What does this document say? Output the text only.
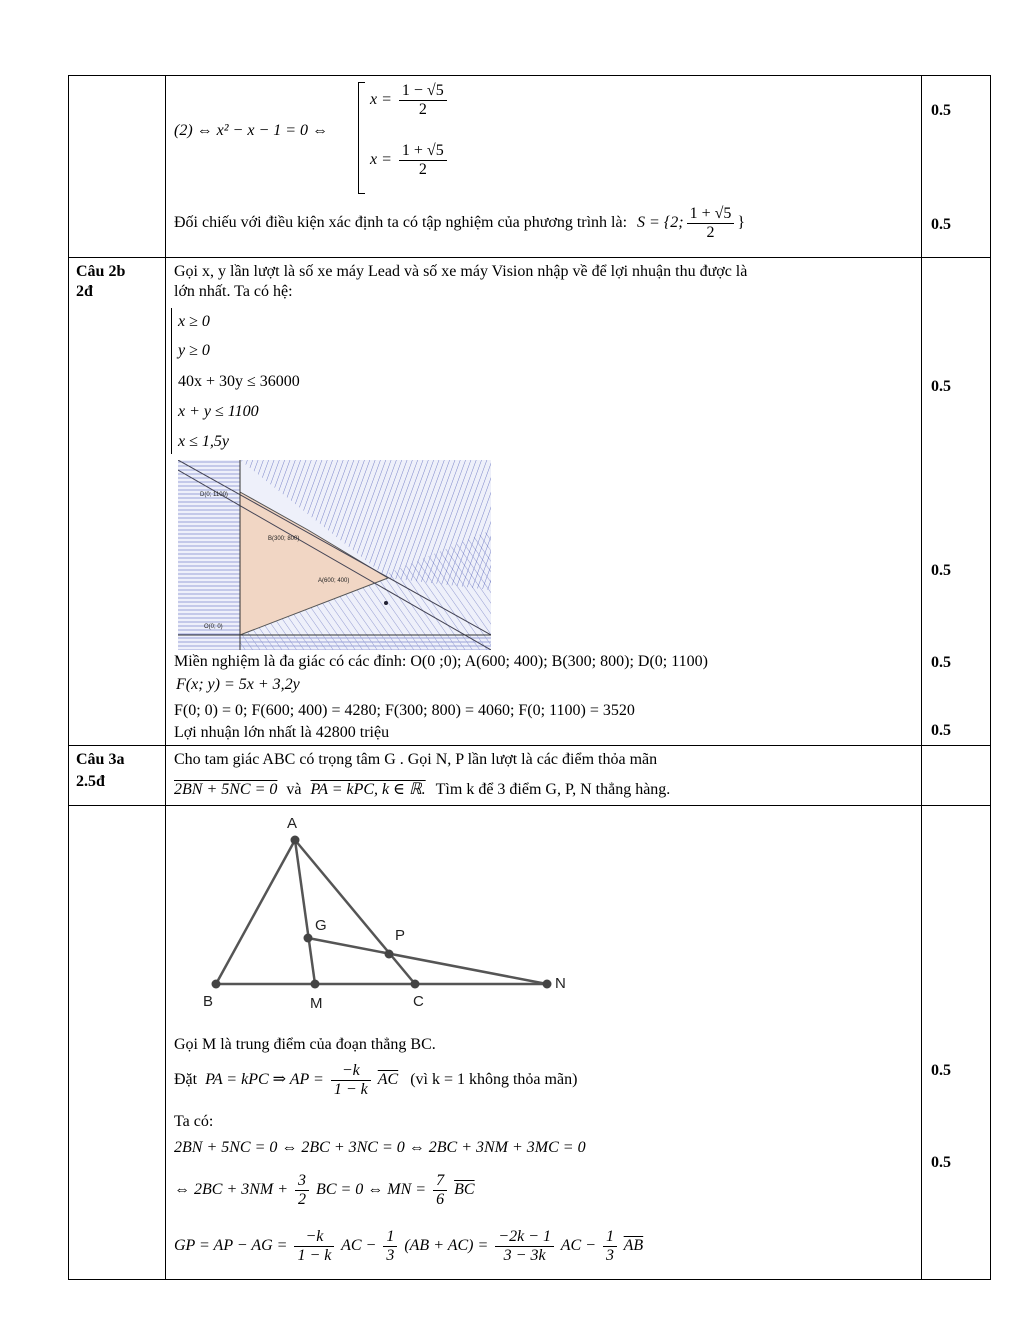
(2) ⇔ x² − x − 1 = 0 ⇔
$x = \frac{1 - √5}{2}$
$x = \frac{1 + √5}{2}$
Đối chiếu với điều kiện xác định ta có tập nghiệm của phương trình là: S = {2; $\frac{1 + √5}{2}$ }
0.5
0.5
Câu 2b
2đ
Gọi x, y lần lượt là số xe máy Lead và số xe máy Vision nhập về để lợi nhuận thu được là
lớn nhất. Ta có hệ:
x ≥ 0
y ≥ 0
40x + 30y ≤ 36000
x + y ≤ 1100
x ≤ 1,5y
A(600; 400)
B(300; 800)
D(0; 1100)
O(0; 0)
Miền nghiệm là đa giác có các đỉnh: O(0 ;0); A(600; 400); B(300; 800); D(0; 1100)
F(x; y) = 5x + 3,2y
F(0; 0) = 0; F(600; 400) = 4280; F(300; 800) = 4060; F(0; 1100) = 3520
Lợi nhuận lớn nhất là 42800 triệu
0.5
0.5
0.5
0.5
Câu 3a
2.5đ
Cho tam giác ABC có trọng tâm G . Gọi N, P lần lượt là các điểm thỏa mãn
2BN + 5NC = 0 và PA = kPC, k ∈ ℝ. Tìm k để 3 điểm G, P, N thẳng hàng.
A
G
P
B	M	C
N
Gọi M là trung điểm của đoạn thẳng BC.
Đặt PA = kPC ⇒ AP = $\frac{-k}{1 - k} \overline{AC}$ (vì k = 1 không thỏa mãn)
Ta có:
2BN + 5NC = 0 ⇔ 2BC + 3NC = 0 ⇔ 2BC + 3NM + 3MC = 0
⇔ $2BC + 3NM + \frac{3}{2}$ BC = 0 ⇔ MN = $\frac{7}{6} \overline{BC}$
GP = AP − AG = $\frac{-k}{1 - k}$ AC − $\frac{1}{3} (AB + AC) = \frac{-2k - 1}{3 - 3k}$ AC − $\frac{1}{3} \overline{AB}$
0.5
0.5
